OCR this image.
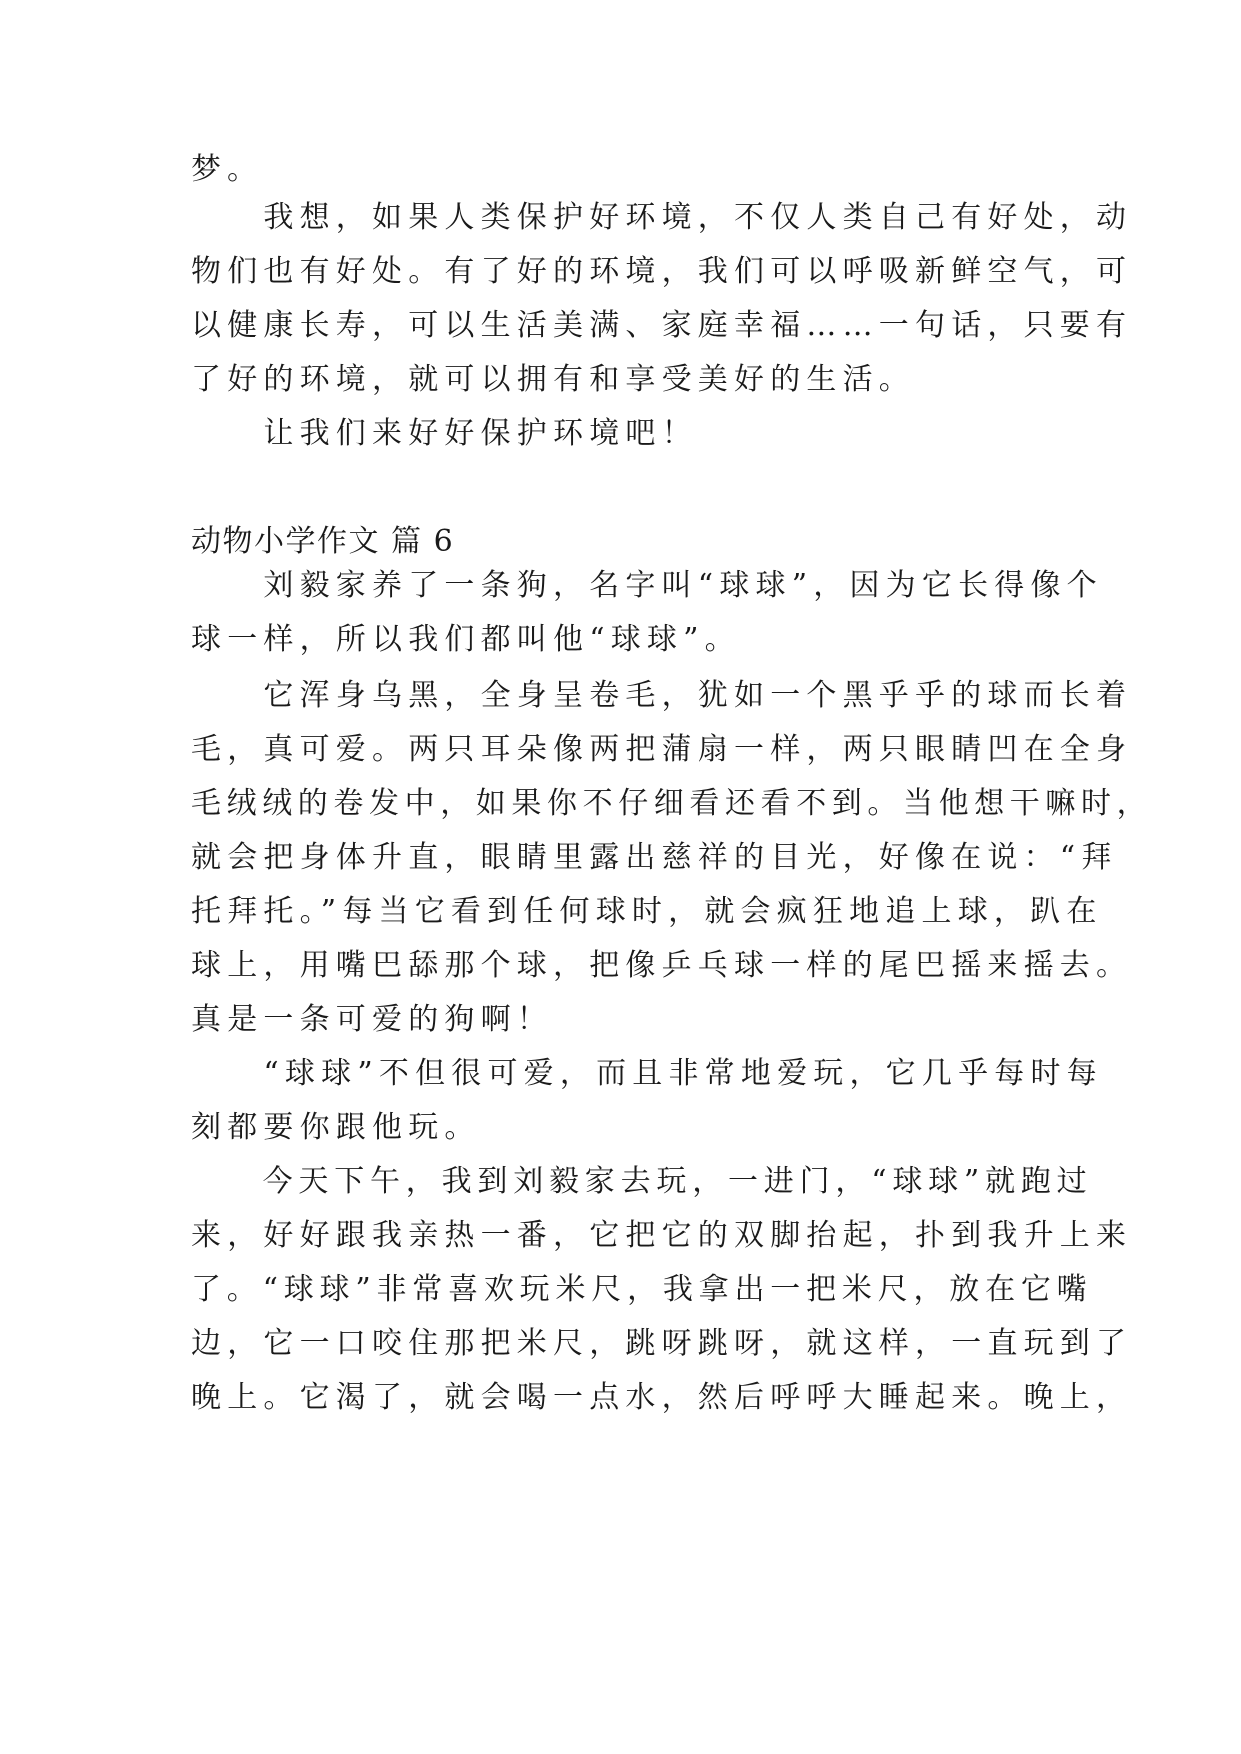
梦。

　　我想，如果人类保护好环境，不仅人类自己有好处，动

物们也有好处。有了好的环境，我们可以呼吸新鲜空气，可

以健康长寿，可以生活美满、家庭幸福……一句话，只要有

了好的环境，就可以拥有和享受美好的生活。

　　让我们来好好保护环境吧！

动物小学作文 篇 6

　　刘毅家养了一条狗，名字叫“球球”，因为它长得像个

球一样，所以我们都叫他“球球”。

　　它浑身乌黑，全身呈卷毛，犹如一个黑乎乎的球而长着

毛，真可爱。两只耳朵像两把蒲扇一样，两只眼睛凹在全身

毛绒绒的卷发中，如果你不仔细看还看不到。当他想干嘛时，

就会把身体升直，眼睛里露出慈祥的目光，好像在说：“拜

托拜托。”每当它看到任何球时，就会疯狂地追上球，趴在

球上，用嘴巴舔那个球，把像乒乓球一样的尾巴摇来摇去。

真是一条可爱的狗啊！

　　“球球”不但很可爱，而且非常地爱玩，它几乎每时每

刻都要你跟他玩。

　　今天下午，我到刘毅家去玩，一进门，“球球”就跑过

来，好好跟我亲热一番，它把它的双脚抬起，扑到我升上来

了。“球球”非常喜欢玩米尺，我拿出一把米尺，放在它嘴

边，它一口咬住那把米尺，跳呀跳呀，就这样，一直玩到了

晚上。它渴了，就会喝一点水，然后呼呼大睡起来。晚上，
